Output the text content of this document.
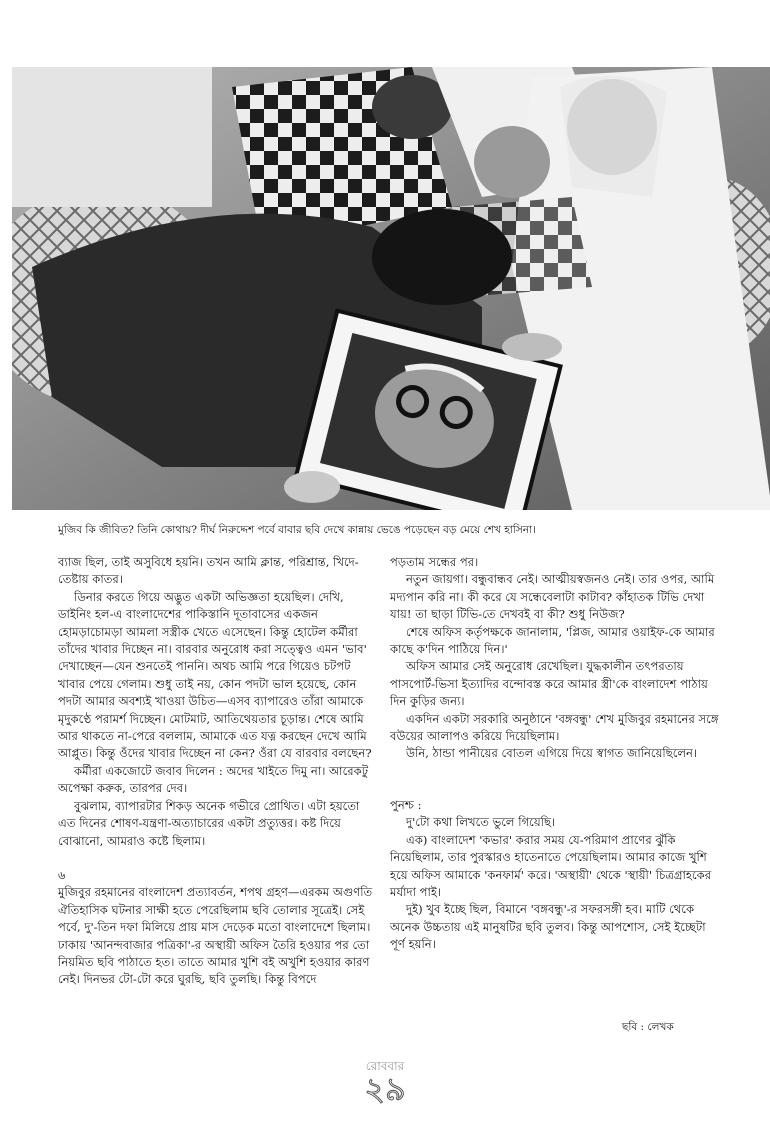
মুজিব কি জীবিত? তিনি কোথায়? দীর্ঘ নিরুদ্দেশ পর্বে বাবার ছবি দেখে কান্নায় ভেঙে পড়েছেন বড় মেয়ে শেখ হাসিনা।

ব্যাজ ছিল, তাই অসুবিধে হয়নি। তখন আমি ক্লান্ত, পরিশ্রান্ত, খিদে-তেষ্টায় কাতর।

ডিনার করতে গিয়ে অদ্ভুত একটা অভিজ্ঞতা হয়েছিল। দেখি, ডাইনিং হল-এ বাংলাদেশের পাকিস্তানি দূতাবাসের একজন হোমড়াচোমড়া আমলা সস্ত্রীক খেতে এসেছেন। কিন্তু হোটেল কর্মীরা তাঁদের খাবার দিচ্ছেন না। বারবার অনুরোধ করা সত্ত্বেও এমন 'ভাব' দেখাচ্ছেন—যেন শুনতেই পাননি। অথচ আমি পরে গিয়েও চটপট খাবার পেয়ে গেলাম। শুধু তাই নয়, কোন পদটা ভাল হয়েছে, কোন পদটা আমার অবশ্যই খাওয়া উচিত—এসব ব্যাপারেও তাঁরা আমাকে মৃদুকণ্ঠে পরামর্শ দিচ্ছেন। মোটমাট, আতিথেয়তার চূড়ান্ত। শেষে আমি আর থাকতে না-পেরে বললাম, আমাকে এত যত্ন করছেন দেখে আমি আপ্লুত। কিন্তু ওঁদের খাবার দিচ্ছেন না কেন? ওঁরা যে বারবার বলছেন?

কর্মীরা একজোটে জবাব দিলেন : অদের খাইতে দিমু না। আরেকটু অপেক্ষা করুক, তারপর দেব।

বুঝলাম, ব্যাপারটার শিকড় অনেক গভীরে প্রোথিত। এটা হয়তো এত দিনের শোষণ-যন্ত্রণা-অত্যাচারের একটা প্রত্যুত্তর। কষ্ট দিয়ে বোঝানো, আমরাও কষ্টে ছিলাম।

৬

মুজিবুর রহমানের বাংলাদেশ প্রত্যাবর্তন, শপথ গ্রহণ—এরকম অগুণতি ঐতিহাসিক ঘটনার সাক্ষী হতে পেরেছিলাম ছবি তোলার সূত্রেই। সেই পর্বে, দু'-তিন দফা মিলিয়ে প্রায় মাস দেড়েক মতো বাংলাদেশে ছিলাম। ঢাকায় 'আনন্দবাজার পত্রিকা'-র অস্থায়ী অফিস তৈরি হওয়ার পর তো নিয়মিত ছবি পাঠাতে হত। তাতে আমার খুশি বই অখুশি হওয়ার কারণ নেই। দিনভর টো-টো করে ঘুরছি, ছবি তুলছি। কিন্তু বিপদে

পড়তাম সন্ধের পর।

নতুন জায়গা। বন্ধুবান্ধব নেই। আত্মীয়স্বজনও নেই। তার ওপর, আমি মদ্যপান করি না। কী করে যে সন্ধেবেলাটা কাটাব? কাঁহাতক টিভি দেখা যায়! তা ছাড়া টিভি-তে দেখবই বা কী? শুধু নিউজ?

শেষে অফিস কর্তৃপক্ষকে জানালাম, 'প্লিজ, আমার ওয়াইফ-কে আমার কাছে ক'দিন পাঠিয়ে দিন।'

অফিস আমার সেই অনুরোধ রেখেছিল। যুদ্ধকালীন তৎপরতায় পাসপোর্ট-ভিসা ইত্যাদির বন্দোবস্ত করে আমার স্ত্রী'কে বাংলাদেশ পাঠায় দিন কুড়ির জন্য।

একদিন একটা সরকারি অনুষ্ঠানে 'বঙ্গবন্ধু' শেখ মুজিবুর রহমানের সঙ্গে বউয়ের আলাপও করিয়ে দিয়েছিলাম।

উনি, ঠান্ডা পানীয়ের বোতল এগিয়ে দিয়ে স্বাগত জানিয়েছিলেন।

পুনশ্চ :

দু'টো কথা লিখতে ভুলে গিয়েছি।

এক) বাংলাদেশ 'কভার' করার সময় যে-পরিমাণ প্রাণের ঝুঁকি নিয়েছিলাম, তার পুরস্কারও হাতেনাতে পেয়েছিলাম। আমার কাজে খুশি হয়ে অফিস আমাকে 'কনফার্ম' করে। 'অস্থায়ী' থেকে 'স্থায়ী' চিত্রগ্রাহকের মর্যাদা পাই।

দুই) খুব ইচ্ছে ছিল, বিমানে 'বঙ্গবন্ধু'-র সফরসঙ্গী হব। মাটি থেকে অনেক উচ্চতায় এই মানুষটির ছবি তুলব। কিন্তু আপশোস, সেই ইচ্ছেটা পূর্ণ হয়নি।

ছবি : লেখক
রোববার
২৯
